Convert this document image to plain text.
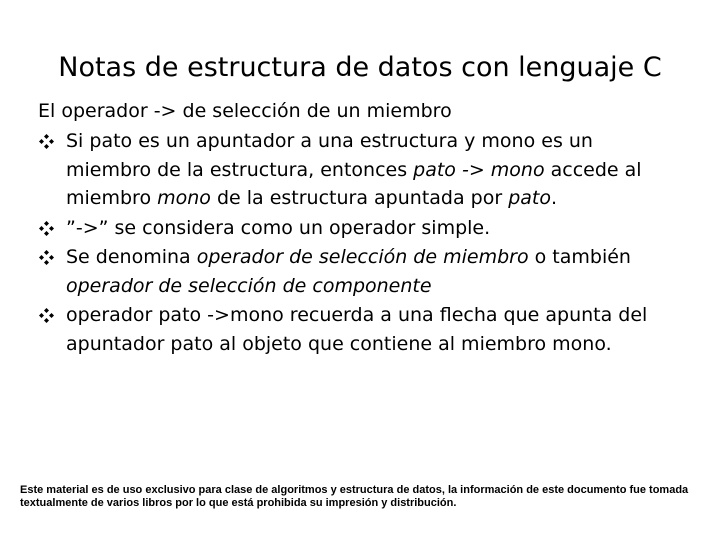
Notas de estructura de datos con lenguaje C

El operador -> de selección de un miembro

Si pato es un apuntador a una estructura y mono es un miembro de la estructura, entonces pato -> mono accede al miembro mono de la estructura apuntada por pato.
”->” se considera como un operador simple.
Se denomina operador de selección de miembro o también operador de selección de componente
operador pato ->mono recuerda a una flecha que apunta del apuntador pato al objeto que contiene al miembro mono.

Este material es de uso exclusivo para clase de algoritmos y estructura de datos, la información de este documento fue tomada textualmente de varios libros por lo que está prohibida su impresión y distribución.
